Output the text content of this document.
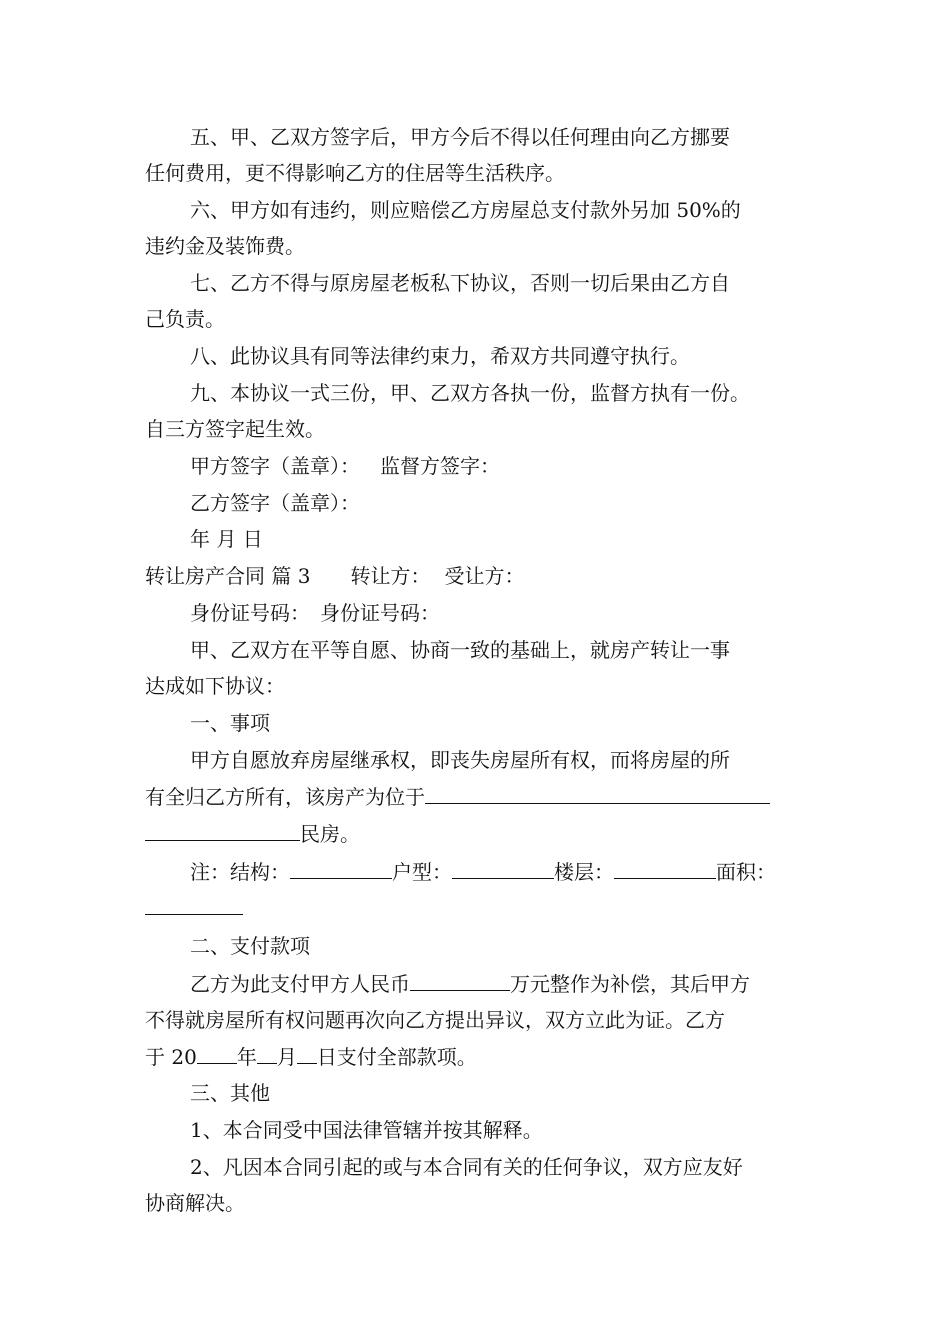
五、甲、乙双方签字后，甲方今后不得以任何理由向乙方挪要
任何费用，更不得影响乙方的住居等生活秩序。
六、甲方如有违约，则应赔偿乙方房屋总支付款外另加 50%的
违约金及装饰费。
七、乙方不得与原房屋老板私下协议，否则一切后果由乙方自
己负责。
八、此协议具有同等法律约束力，希双方共同遵守执行。
九、本协议一式三份，甲、乙双方各执一份，监督方执有一份。
自三方签字起生效。
甲方签字（盖章）： 监督方签字：
乙方签字（盖章）：
年 月 日
转让房产合同 篇 3 转让方： 受让方：
身份证号码： 身份证号码：
甲、乙双方在平等自愿、协商一致的基础上，就房产转让一事
达成如下协议：
一、事项
甲方自愿放弃房屋继承权，即丧失房屋所有权，而将房屋的所
有全归乙方所有，该房产为位于
民房。
注：结构：	户型：	楼层：	面积：
二、支付款项
乙方为此支付甲方人民币	万元整作为补偿，其后甲方
不得就房屋所有权问题再次向乙方提出异议，双方立此为证。乙方
于 20 年 月 日支付全部款项。
三、其他
1、本合同受中国法律管辖并按其解释。
2、凡因本合同引起的或与本合同有关的任何争议，双方应友好
协商解决。
